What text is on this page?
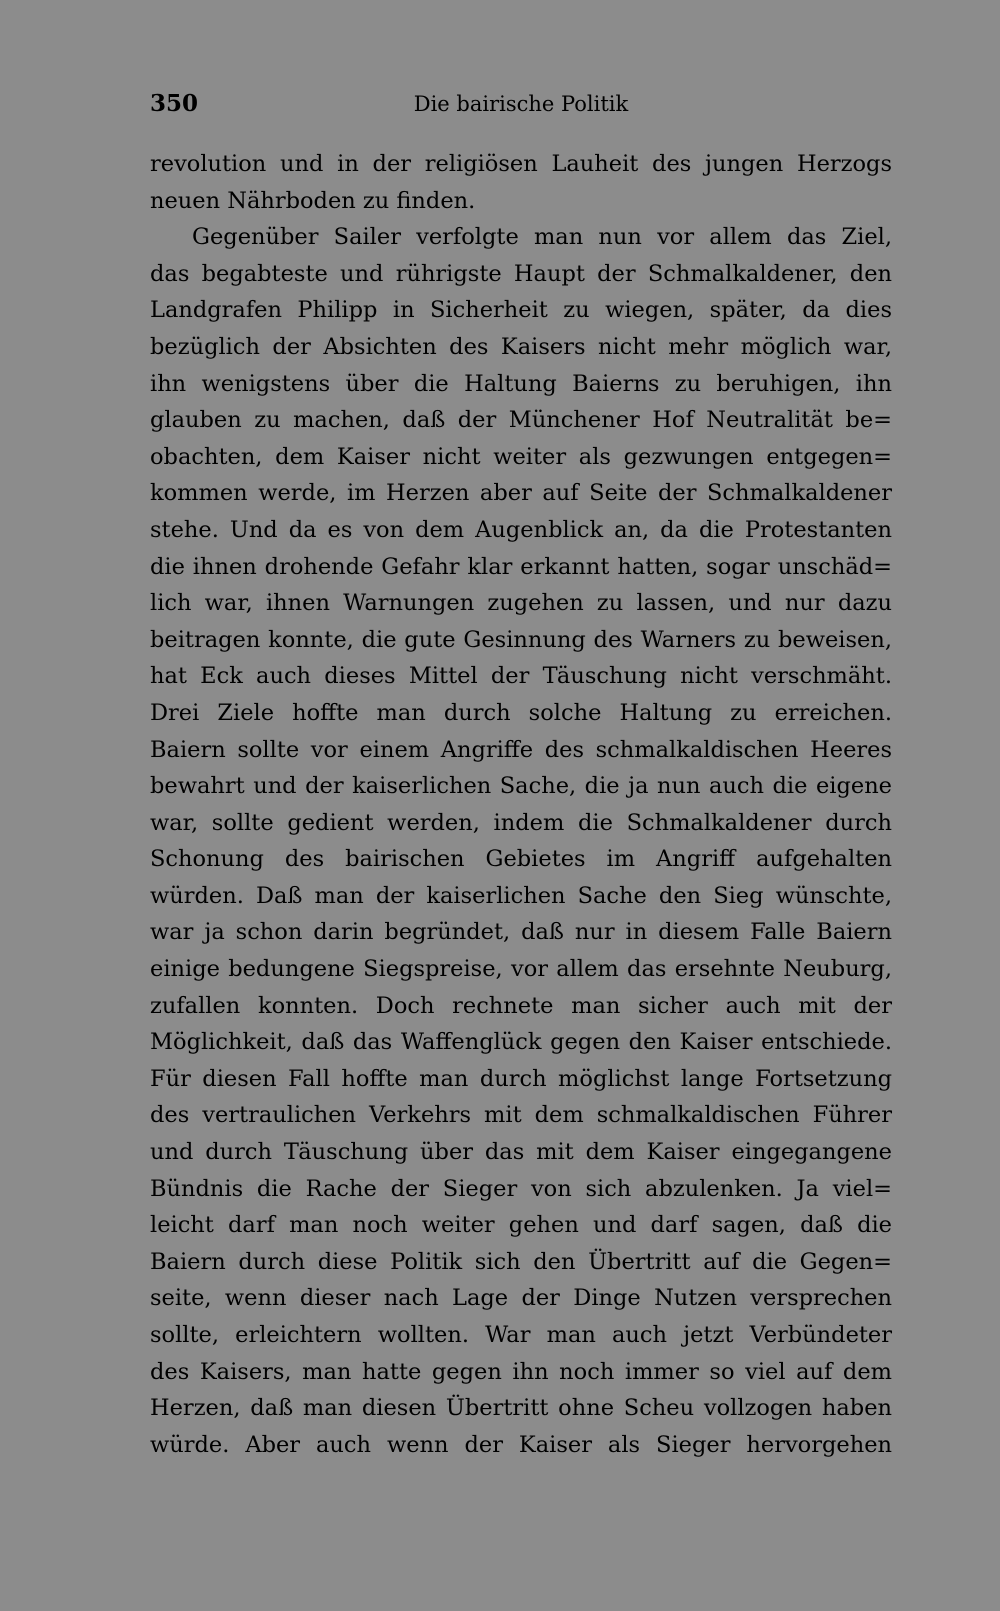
350	Die bairische Politik
revolution und in der religiösen Lauheit des jungen Herzogs
neuen Nährboden zu finden.
Gegenüber Sailer verfolgte man nun vor allem das Ziel,
das begabteste und rührigste Haupt der Schmalkaldener, den
Landgrafen Philipp in Sicherheit zu wiegen, später, da dies
bezüglich der Absichten des Kaisers nicht mehr möglich war,
ihn wenigstens über die Haltung Baierns zu beruhigen, ihn
glauben zu machen, daß der Münchener Hof Neutralität be=
obachten, dem Kaiser nicht weiter als gezwungen entgegen=
kommen werde, im Herzen aber auf Seite der Schmalkaldener
stehe. Und da es von dem Augenblick an, da die Protestanten
die ihnen drohende Gefahr klar erkannt hatten, sogar unschäd=
lich war, ihnen Warnungen zugehen zu lassen, und nur dazu
beitragen konnte, die gute Gesinnung des Warners zu beweisen,
hat Eck auch dieses Mittel der Täuschung nicht verschmäht.
Drei Ziele hoffte man durch solche Haltung zu erreichen.
Baiern sollte vor einem Angriffe des schmalkaldischen Heeres
bewahrt und der kaiserlichen Sache, die ja nun auch die eigene
war, sollte gedient werden, indem die Schmalkaldener durch
Schonung des bairischen Gebietes im Angriff aufgehalten
würden. Daß man der kaiserlichen Sache den Sieg wünschte,
war ja schon darin begründet, daß nur in diesem Falle Baiern
einige bedungene Siegspreise, vor allem das ersehnte Neuburg,
zufallen konnten. Doch rechnete man sicher auch mit der
Möglichkeit, daß das Waffenglück gegen den Kaiser entschiede.
Für diesen Fall hoffte man durch möglichst lange Fortsetzung
des vertraulichen Verkehrs mit dem schmalkaldischen Führer
und durch Täuschung über das mit dem Kaiser eingegangene
Bündnis die Rache der Sieger von sich abzulenken. Ja viel=
leicht darf man noch weiter gehen und darf sagen, daß die
Baiern durch diese Politik sich den Übertritt auf die Gegen=
seite, wenn dieser nach Lage der Dinge Nutzen versprechen
sollte, erleichtern wollten. War man auch jetzt Verbündeter
des Kaisers, man hatte gegen ihn noch immer so viel auf dem
Herzen, daß man diesen Übertritt ohne Scheu vollzogen haben
würde. Aber auch wenn der Kaiser als Sieger hervorgehen
